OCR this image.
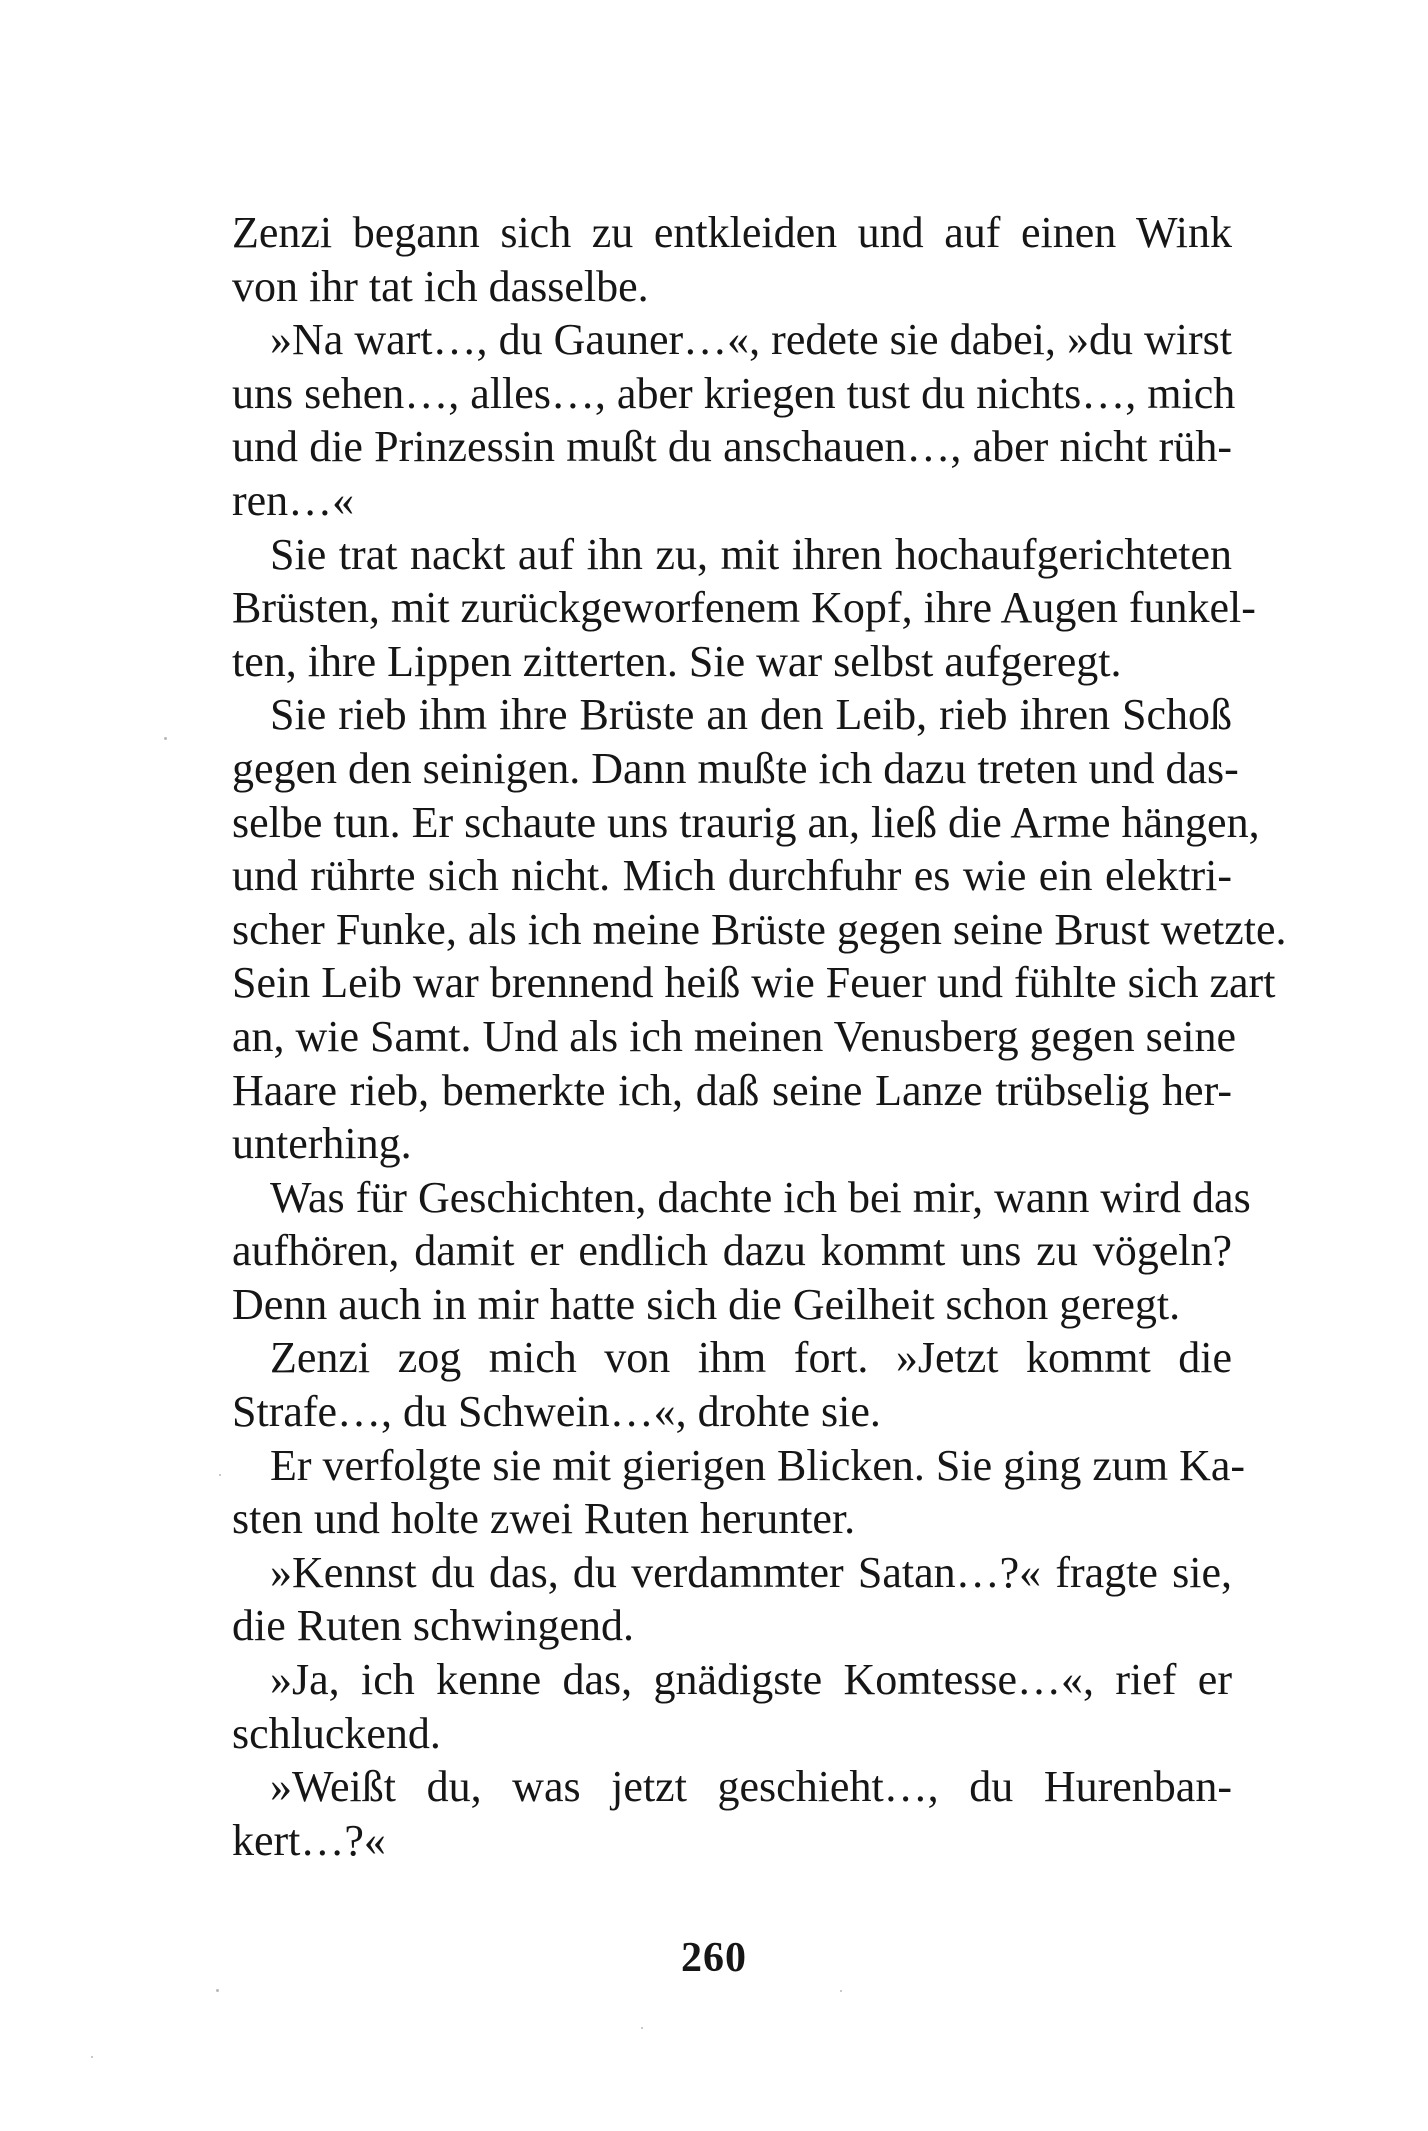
Zenzi begann sich zu entkleiden und auf einen Wink
von ihr tat ich dasselbe.
»Na wart…, du Gauner…«, redete sie dabei, »du wirst
uns sehen…, alles…, aber kriegen tust du nichts…, mich
und die Prinzessin mußt du anschauen…, aber nicht rüh-
ren…«
Sie trat nackt auf ihn zu, mit ihren hochaufgerichteten
Brüsten, mit zurückgeworfenem Kopf, ihre Augen funkel-
ten, ihre Lippen zitterten. Sie war selbst aufgeregt.
Sie rieb ihm ihre Brüste an den Leib, rieb ihren Schoß
gegen den seinigen. Dann mußte ich dazu treten und das-
selbe tun. Er schaute uns traurig an, ließ die Arme hängen,
und rührte sich nicht. Mich durchfuhr es wie ein elektri-
scher Funke, als ich meine Brüste gegen seine Brust wetzte.
Sein Leib war brennend heiß wie Feuer und fühlte sich zart
an, wie Samt. Und als ich meinen Venusberg gegen seine
Haare rieb, bemerkte ich, daß seine Lanze trübselig her-
unterhing.
Was für Geschichten, dachte ich bei mir, wann wird das
aufhören, damit er endlich dazu kommt uns zu vögeln?
Denn auch in mir hatte sich die Geilheit schon geregt.
Zenzi zog mich von ihm fort. »Jetzt kommt die
Strafe…, du Schwein…«, drohte sie.
Er verfolgte sie mit gierigen Blicken. Sie ging zum Ka-
sten und holte zwei Ruten herunter.
»Kennst du das, du verdammter Satan…?« fragte sie,
die Ruten schwingend.
»Ja, ich kenne das, gnädigste Komtesse…«, rief er
schluckend.
»Weißt du, was jetzt geschieht…, du Hurenban-
kert…?«
260
